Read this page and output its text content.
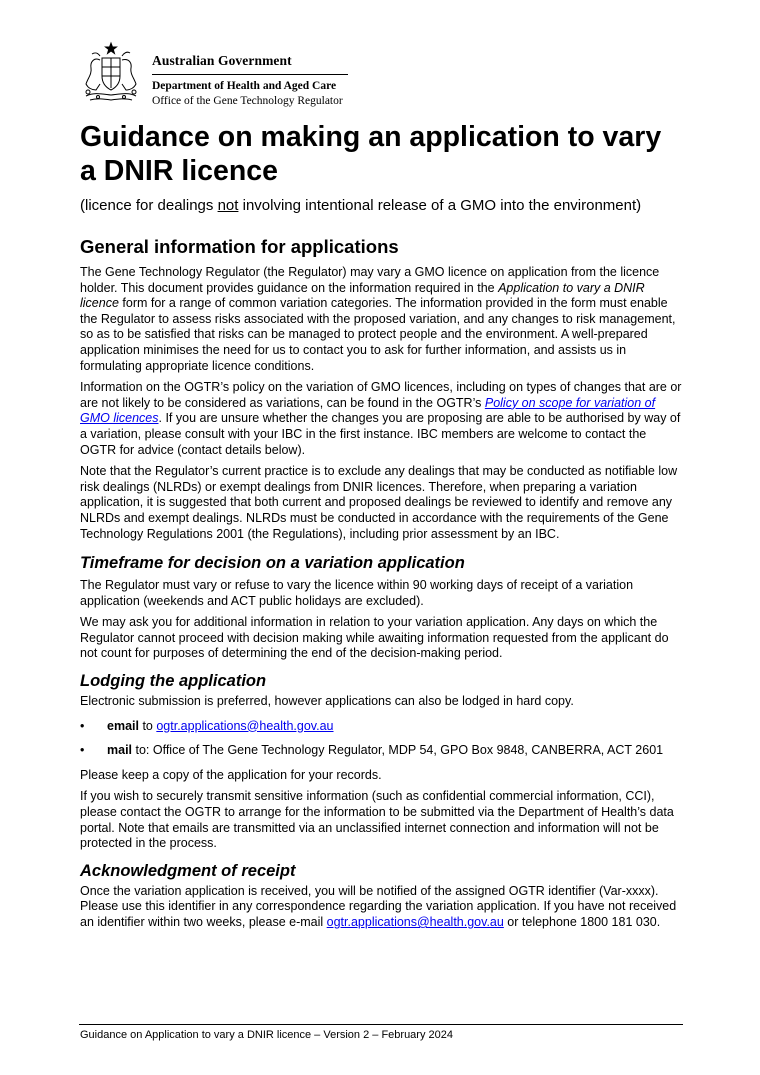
Australian Government
Department of Health and Aged Care
Office of the Gene Technology Regulator
Guidance on making an application to vary a DNIR licence

(licence for dealings not involving intentional release of a GMO into the environment)

General information for applications

The Gene Technology Regulator (the Regulator) may vary a GMO licence on application from the licence holder. This document provides guidance on the information required in the Application to vary a DNIR licence form for a range of common variation categories. The information provided in the form must enable the Regulator to assess risks associated with the proposed variation, and any changes to risk management, so as to be satisfied that risks can be managed to protect people and the environment. A well-prepared application minimises the need for us to contact you to ask for further information, and assists us in formulating appropriate licence conditions.

Information on the OGTR’s policy on the variation of GMO licences, including on types of changes that are or are not likely to be considered as variations, can be found in the OGTR’s Policy on scope for variation of GMO licences. If you are unsure whether the changes you are proposing are able to be authorised by way of a variation, please consult with your IBC in the first instance. IBC members are welcome to contact the OGTR for advice (contact details below).

Note that the Regulator’s current practice is to exclude any dealings that may be conducted as notifiable low risk dealings (NLRDs) or exempt dealings from DNIR licences. Therefore, when preparing a variation application, it is suggested that both current and proposed dealings be reviewed to identify and remove any NLRDs and exempt dealings. NLRDs must be conducted in accordance with the requirements of the Gene Technology Regulations 2001 (the Regulations), including prior assessment by an IBC.

Timeframe for decision on a variation application

The Regulator must vary or refuse to vary the licence within 90 working days of receipt of a variation application (weekends and ACT public holidays are excluded).

We may ask you for additional information in relation to your variation application. Any days on which the Regulator cannot proceed with decision making while awaiting information requested from the applicant do not count for purposes of determining the end of the decision-making period.

Lodging the application

Electronic submission is preferred, however applications can also be lodged in hard copy.

• email to ogtr.applications@health.gov.au
• mail to: Office of The Gene Technology Regulator, MDP 54, GPO Box 9848, CANBERRA, ACT 2601

Please keep a copy of the application for your records.

If you wish to securely transmit sensitive information (such as confidential commercial information, CCI), please contact the OGTR to arrange for the information to be submitted via the Department of Health’s data portal. Note that emails are transmitted via an unclassified internet connection and information will not be protected in the process.

Acknowledgment of receipt

Once the variation application is received, you will be notified of the assigned OGTR identifier (Var-xxxx). Please use this identifier in any correspondence regarding the variation application. If you have not received an identifier within two weeks, please e-mail ogtr.applications@health.gov.au or telephone 1800 181 030.

Guidance on Application to vary a DNIR licence – Version 2 – February 2024
